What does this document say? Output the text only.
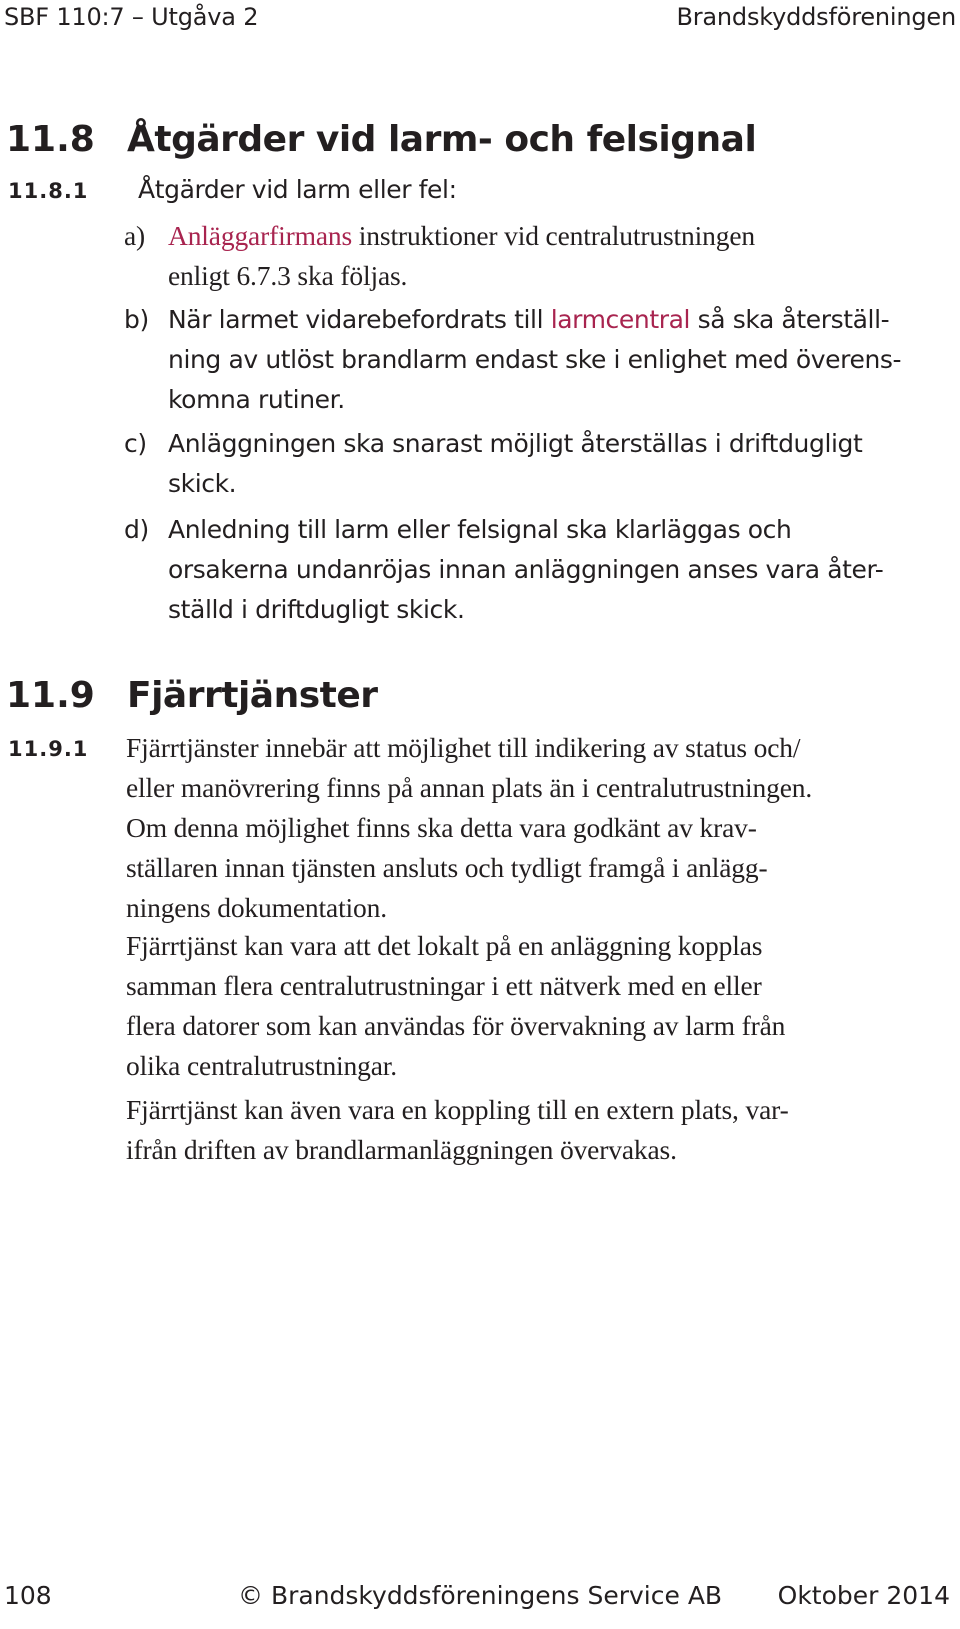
SBF 110:7 – Utgåva 2	Brandskyddsföreningen
11.8 Åtgärder vid larm- och felsignal
11.8.1 Åtgärder vid larm eller fel:
a) Anläggarfirmans instruktioner vid centralutrustningen
enligt 6.7.3 ska följas.
b) När larmet vidarebefordrats till larmcentral så ska återställ-
ning av utlöst brandlarm endast ske i enlighet med överens-
komna rutiner.
c) Anläggningen ska snarast möjligt återställas i driftdugligt
skick.
d) Anledning till larm eller felsignal ska klarläggas och
orsakerna undanröjas innan anläggningen anses vara åter-
ställd i driftdugligt skick.
11.9 Fjärrtjänster
11.9.1 Fjärrtjänster innebär att möjlighet till indikering av status och/
eller manövrering finns på annan plats än i centralutrustningen.
Om denna möjlighet finns ska detta vara godkänt av krav-
ställaren innan tjänsten ansluts och tydligt framgå i anlägg-
ningens dokumentation.
Fjärrtjänst kan vara att det lokalt på en anläggning kopplas
samman flera centralutrustningar i ett nätverk med en eller
flera datorer som kan användas för övervakning av larm från
olika centralutrustningar.
Fjärrtjänst kan även vara en koppling till en extern plats, var-
ifrån driften av brandlarmanläggningen övervakas.
108	© Brandskyddsföreningens Service AB Oktober 2014
